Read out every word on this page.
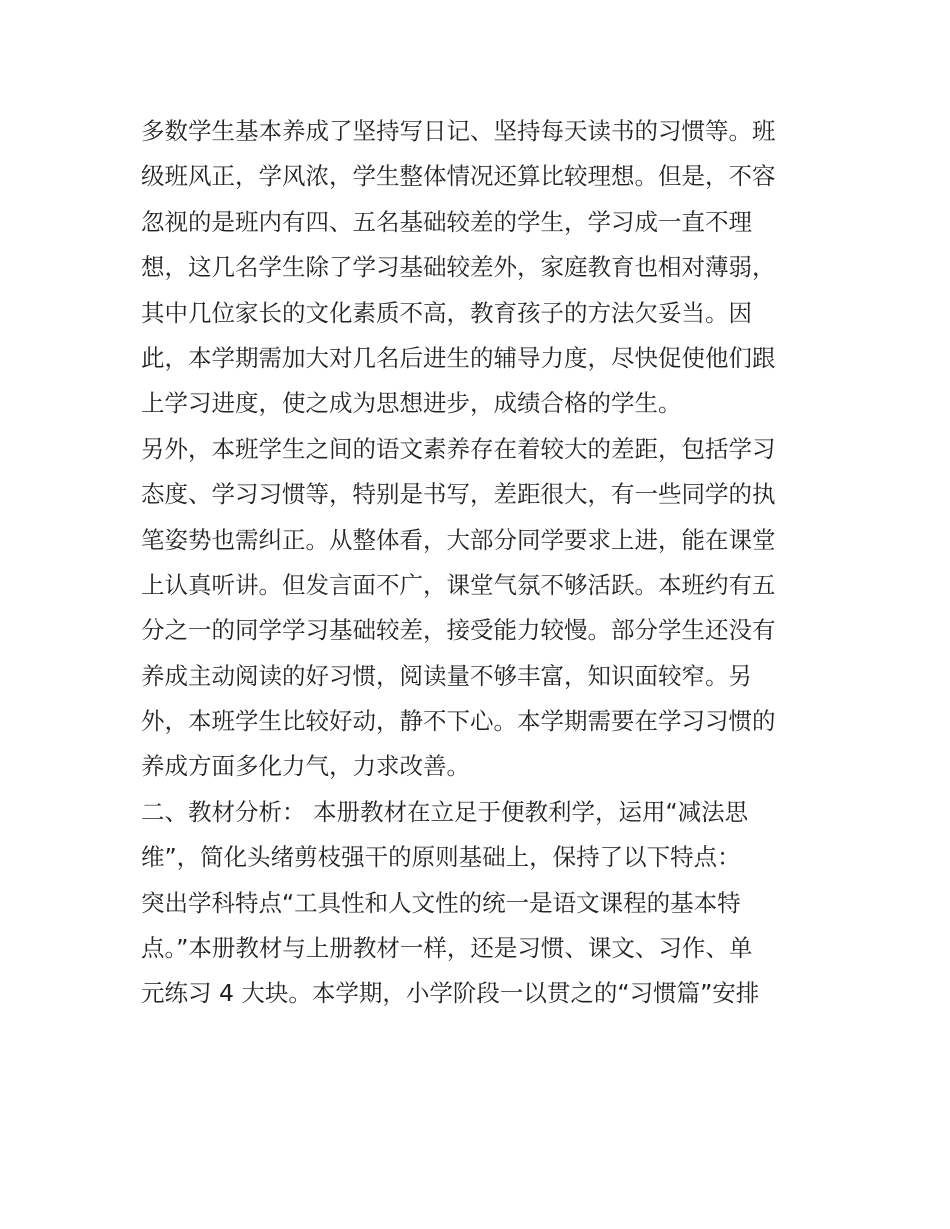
多数学生基本养成了坚持写日记、坚持每天读书的习惯等。班
级班风正，学风浓，学生整体情况还算比较理想。但是，不容
忽视的是班内有四、五名基础较差的学生，学习成一直不理
想，这几名学生除了学习基础较差外，家庭教育也相对薄弱，
其中几位家长的文化素质不高，教育孩子的方法欠妥当。因
此，本学期需加大对几名后进生的辅导力度，尽快促使他们跟
上学习进度，使之成为思想进步，成绩合格的学生。
另外，本班学生之间的语文素养存在着较大的差距，包括学习
态度、学习习惯等，特别是书写，差距很大，有一些同学的执
笔姿势也需纠正。从整体看，大部分同学要求上进，能在课堂
上认真听讲。但发言面不广，课堂气氛不够活跃。本班约有五
分之一的同学学习基础较差，接受能力较慢。部分学生还没有
养成主动阅读的好习惯，阅读量不够丰富，知识面较窄。另
外，本班学生比较好动，静不下心。本学期需要在学习习惯的
养成方面多化力气，力求改善。
二、教材分析： 本册教材在立足于便教利学，运用“减法思
维”，简化头绪剪枝强干的原则基础上，保持了以下特点：
突出学科特点“工具性和人文性的统一是语文课程的基本特
点。”本册教材与上册教材一样，还是习惯、课文、习作、单
元练习 4 大块。本学期，小学阶段一以贯之的“习惯篇”安排
